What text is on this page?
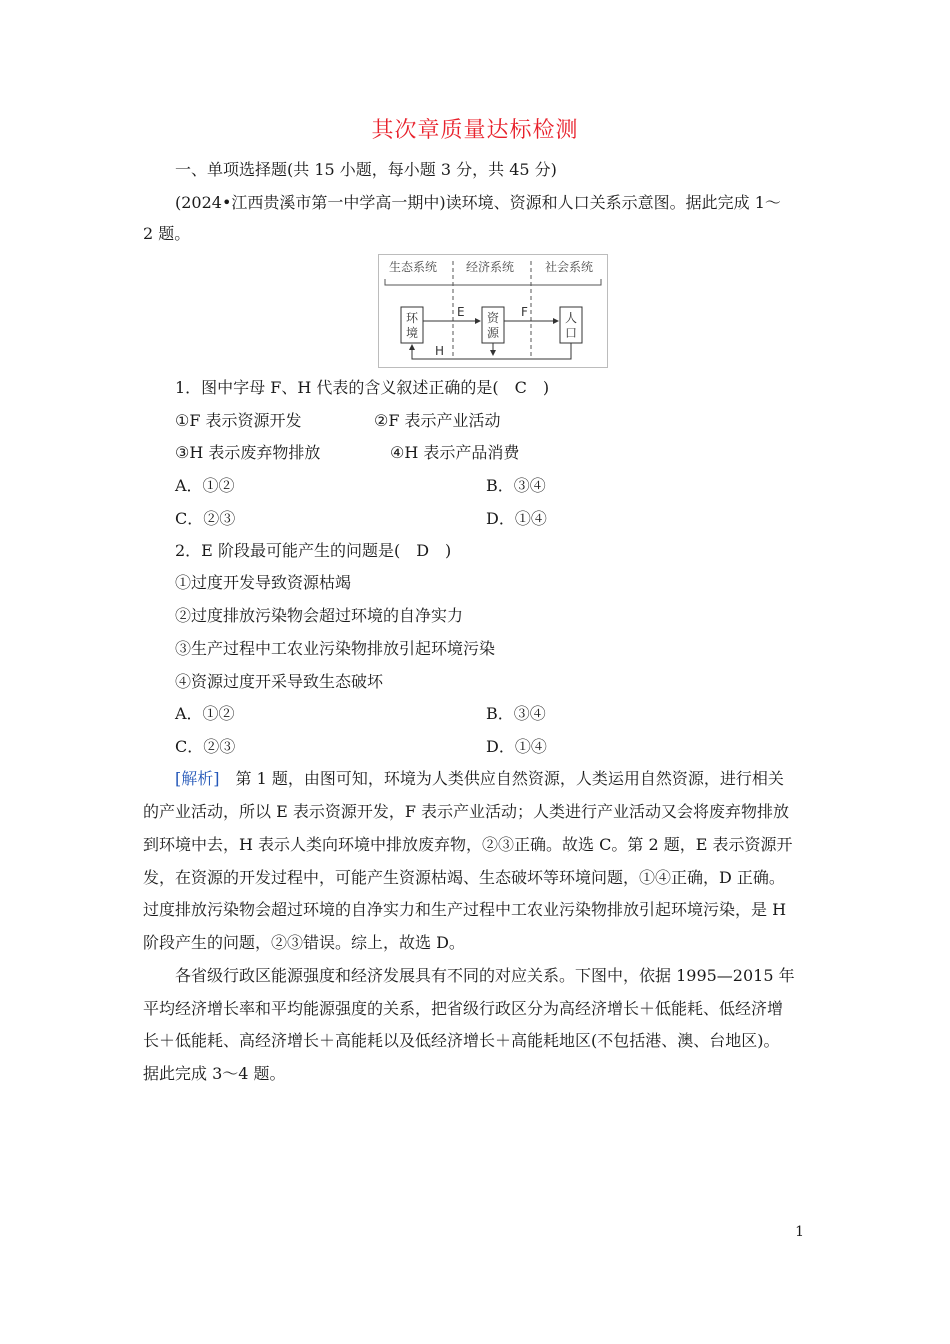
其次章质量达标检测
一、单项选择题(共 15 小题，每小题 3 分，共 45 分)
(2024•江西贵溪市第一中学高一期中)读环境、资源和人口关系示意图。据此完成 1～
2 题。
生态系统 经济系统	社会系统
环
境
资
源
人
口
E	F
H
1．图中字母 F、H 代表的含义叙述正确的是(　C　)
①F 表示资源开发	②F 表示产业活动
③H 表示废弃物排放	④H 表示产品消费
A．①②	B．③④
C．②③	D．①④
2．E 阶段最可能产生的问题是(　D　)
①过度开发导致资源枯竭
②过度排放污染物会超过环境的自净实力
③生产过程中工农业污染物排放引起环境污染
④资源过度开采导致生态破坏
A．①②	B．③④
C．②③	D．①④
[解析]　第 1 题，由图可知，环境为人类供应自然资源，人类运用自然资源，进行相关
的产业活动，所以 E 表示资源开发，F 表示产业活动；人类进行产业活动又会将废弃物排放
到环境中去，H 表示人类向环境中排放废弃物，②③正确。故选 C。第 2 题，E 表示资源开
发，在资源的开发过程中，可能产生资源枯竭、生态破坏等环境问题，①④正确，D 正确。
过度排放污染物会超过环境的自净实力和生产过程中工农业污染物排放引起环境污染，是 H
阶段产生的问题，②③错误。综上，故选 D。
　　各省级行政区能源强度和经济发展具有不同的对应关系。下图中，依据 1995—2015 年
平均经济增长率和平均能源强度的关系，把省级行政区分为高经济增长＋低能耗、低经济增
长＋低能耗、高经济增长＋高能耗以及低经济增长＋高能耗地区(不包括港、澳、台地区)。
据此完成 3～4 题。
1
